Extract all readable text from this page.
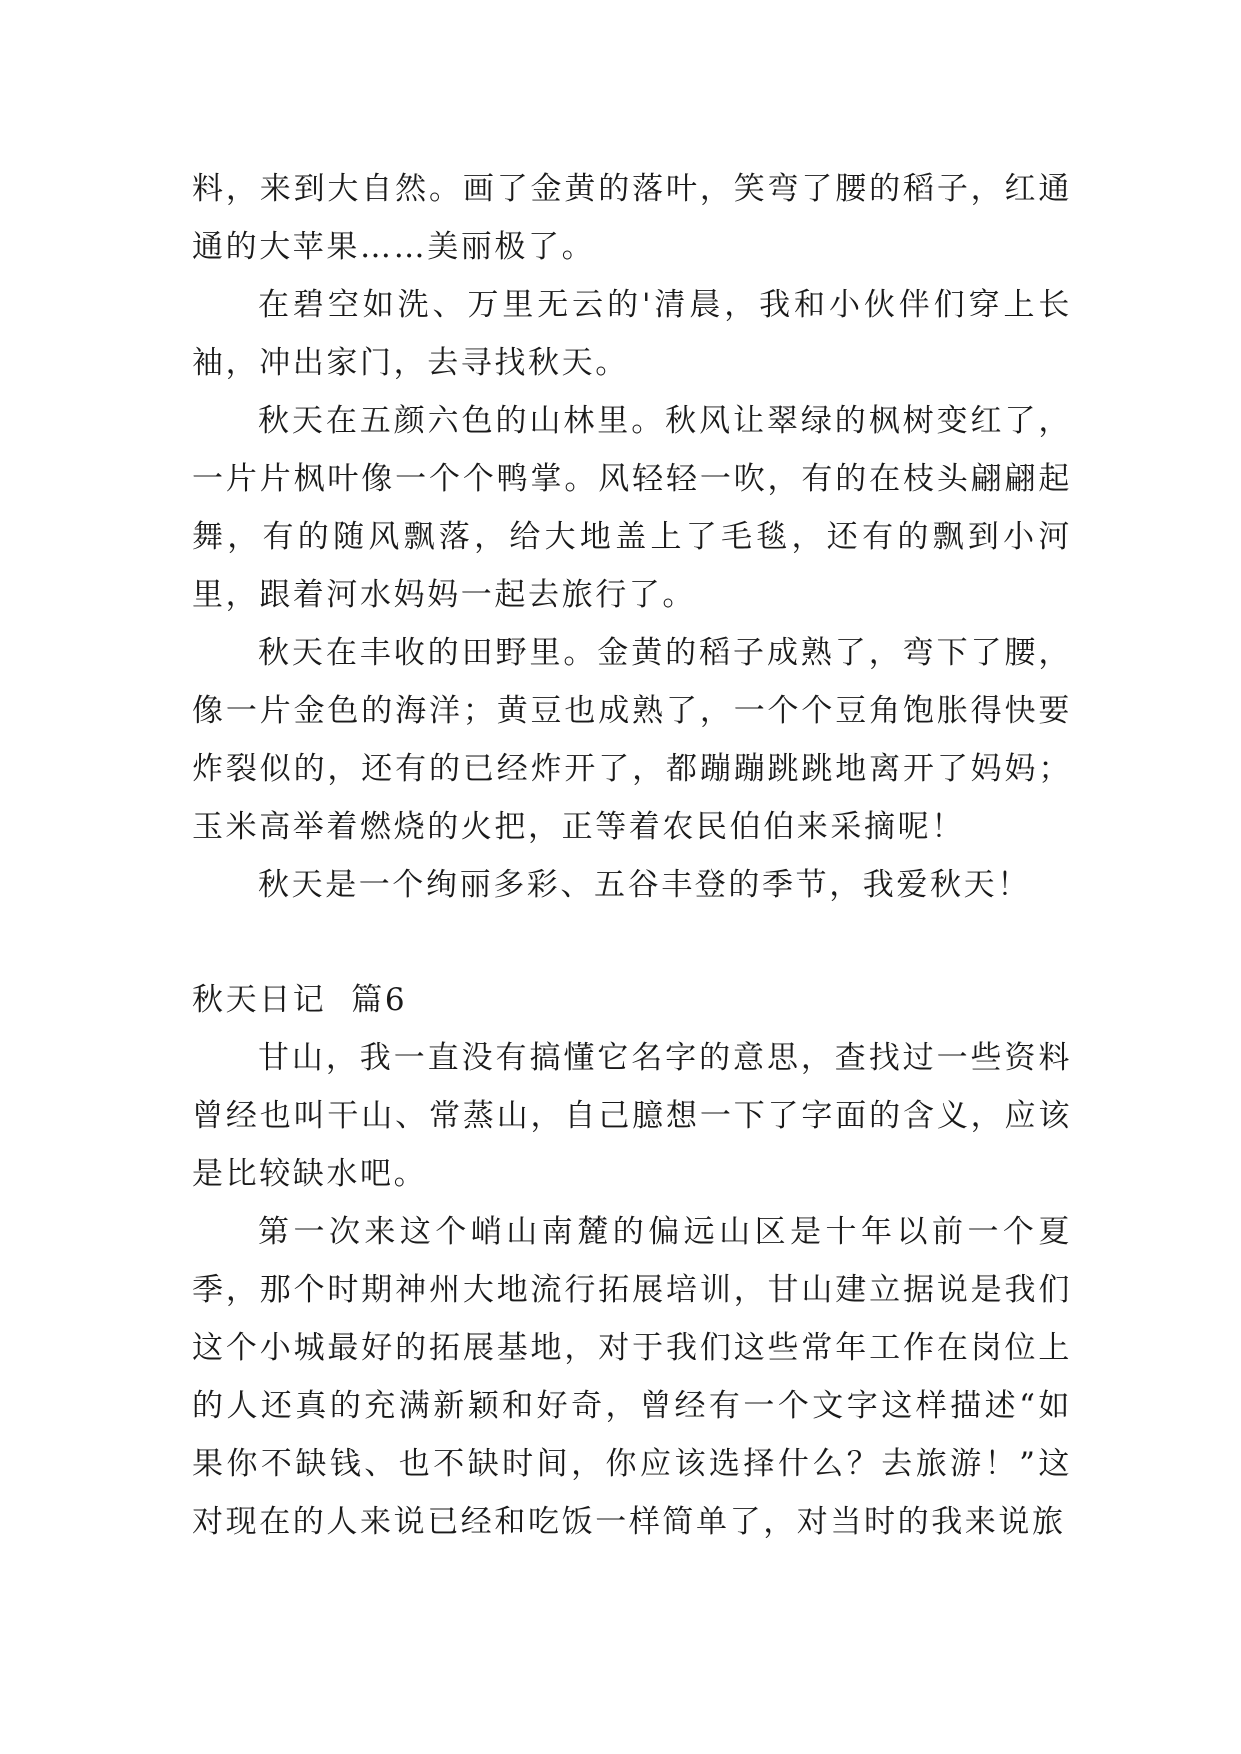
料，来到大自然。画了金黄的落叶，笑弯了腰的稻子，红通通的大苹果……美丽极了。

在碧空如洗、万里无云的'清晨，我和小伙伴们穿上长袖，冲出家门，去寻找秋天。

秋天在五颜六色的山林里。秋风让翠绿的枫树变红了，一片片枫叶像一个个鸭掌。风轻轻一吹，有的在枝头翩翩起舞，有的随风飘落，给大地盖上了毛毯，还有的飘到小河里，跟着河水妈妈一起去旅行了。

秋天在丰收的田野里。金黄的稻子成熟了，弯下了腰，像一片金色的海洋；黄豆也成熟了，一个个豆角饱胀得快要炸裂似的，还有的已经炸开了，都蹦蹦跳跳地离开了妈妈；玉米高举着燃烧的火把，正等着农民伯伯来采摘呢！

秋天是一个绚丽多彩、五谷丰登的季节，我爱秋天！

秋天日记  篇6

甘山，我一直没有搞懂它名字的意思，查找过一些资料曾经也叫干山、常蒸山，自己臆想一下了字面的含义，应该是比较缺水吧。

第一次来这个峭山南麓的偏远山区是十年以前一个夏季，那个时期神州大地流行拓展培训，甘山建立据说是我们这个小城最好的拓展基地，对于我们这些常年工作在岗位上的人还真的充满新颖和好奇，曾经有一个文字这样描述“如果你不缺钱、也不缺时间，你应该选择什么？去旅游！”这对现在的人来说已经和吃饭一样简单了，对当时的我来说旅
